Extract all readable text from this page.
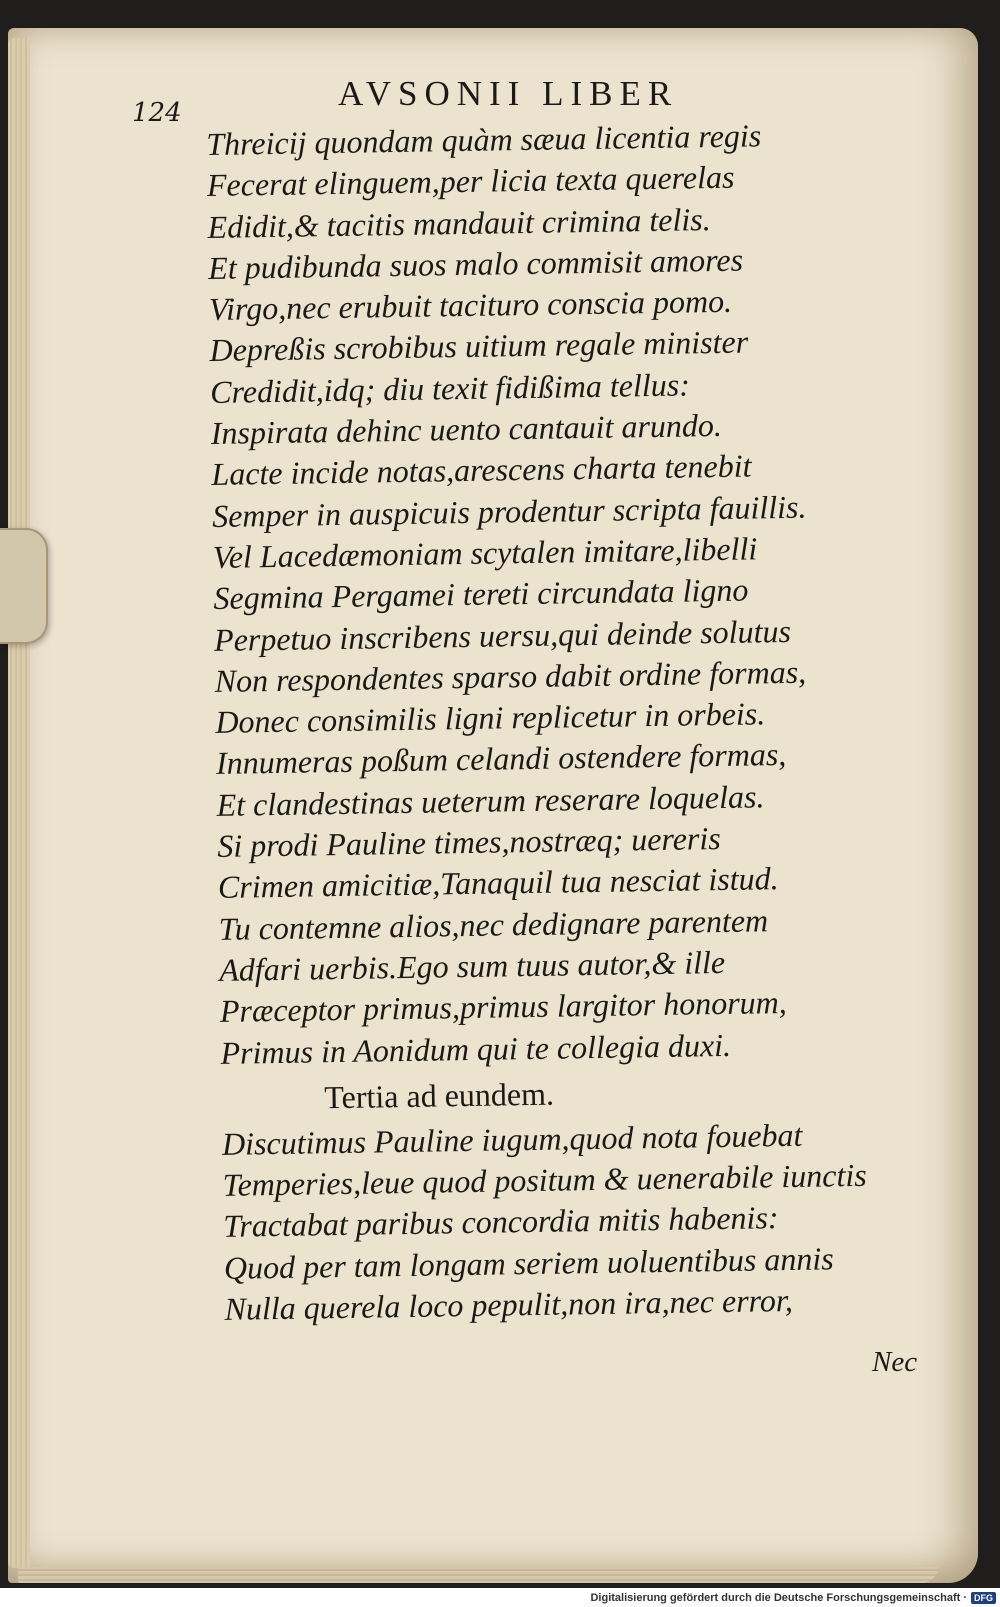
124	AVSONII LIBER
Threicij quondam quàm sæua licentia regis
Fecerat elinguem,per licia texta querelas
Edidit,& tacitis mandauit crimina telis.
Et pudibunda suos malo commisit amores
Virgo,nec erubuit tacituro conscia pomo.
Depreßis scrobibus uitium regale minister
Credidit,idq; diu texit fidißima tellus:
Inspirata dehinc uento cantauit arundo.
Lacte incide notas,arescens charta tenebit
Semper in auspicuis prodentur scripta fauillis.
Vel Lacedæmoniam scytalen imitare,libelli
Segmina Pergamei tereti circundata ligno
Perpetuo inscribens uersu,qui deinde solutus
Non respondentes sparso dabit ordine formas,
Donec consimilis ligni replicetur in orbeis.
Innumeras poßum celandi ostendere formas,
Et clandestinas ueterum reserare loquelas.
Si prodi Pauline times,nostræq; uereris
Crimen amicitiæ,Tanaquil tua nesciat istud.
Tu contemne alios,nec dedignare parentem
Adfari uerbis.Ego sum tuus autor,& ille
Præceptor primus,primus largitor honorum,
Primus in Aonidum qui te collegia duxi.
Tertia ad eundem.
Discutimus Pauline iugum,quod nota fouebat
Temperies,leue quod positum & uenerabile iunctis
Tractabat paribus concordia mitis habenis:
Quod per tam longam seriem uoluentibus annis
Nulla querela loco pepulit,non ira,nec error,
Nec
Digitalisierung gefördert durch die Deutsche Forschungsgemeinschaft · DFG
